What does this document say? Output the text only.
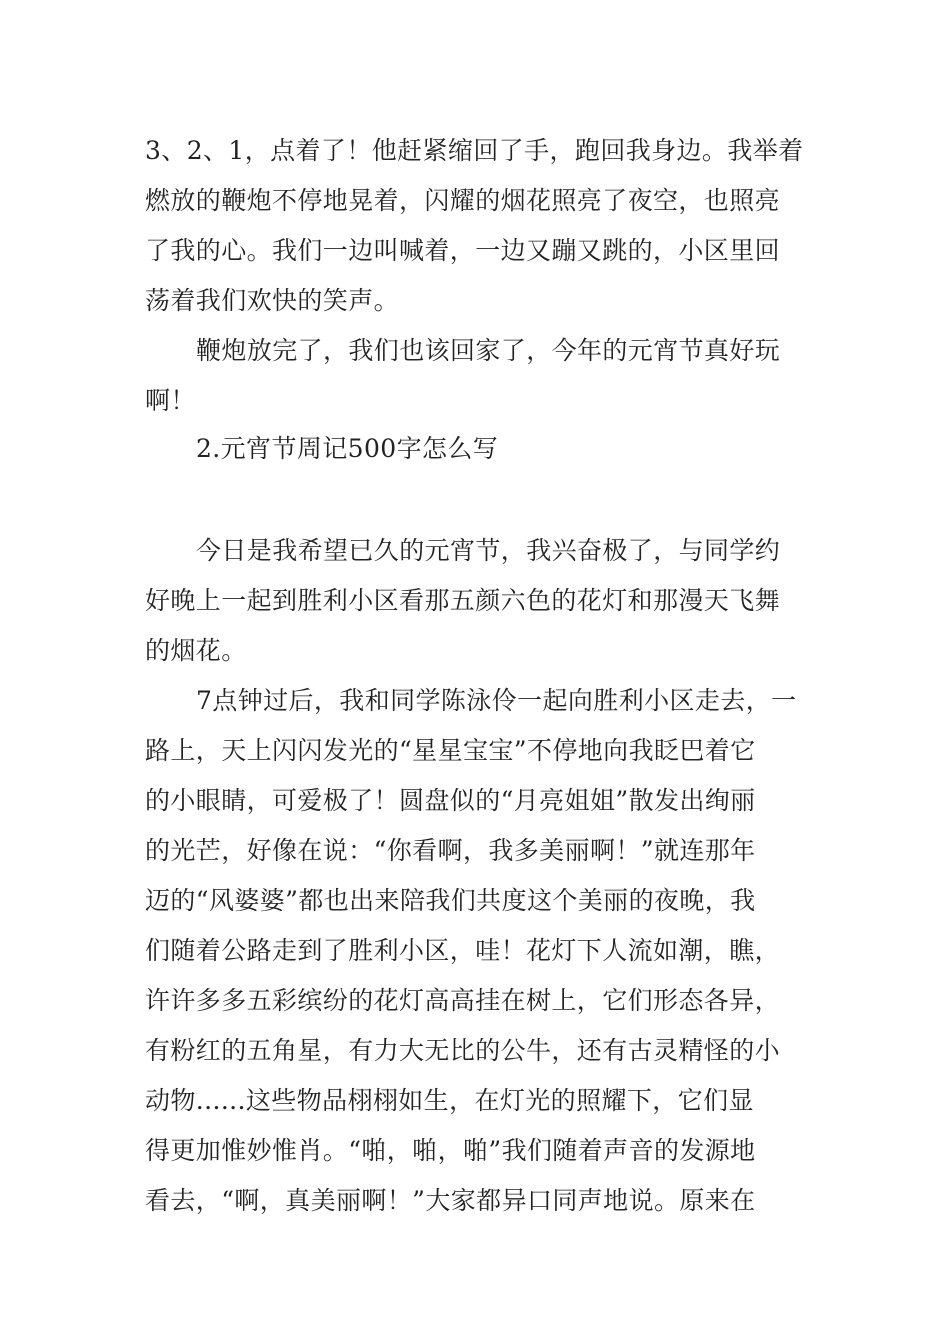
3、2、1，点着了！他赶紧缩回了手，跑回我身边。我举着
燃放的鞭炮不停地晃着，闪耀的烟花照亮了夜空，也照亮
了我的心。我们一边叫喊着，一边又蹦又跳的，小区里回
荡着我们欢快的笑声。
鞭炮放完了，我们也该回家了，今年的元宵节真好玩
啊！
2.元宵节周记500字怎么写
今日是我希望已久的元宵节，我兴奋极了，与同学约
好晚上一起到胜利小区看那五颜六色的花灯和那漫天飞舞
的烟花。
7点钟过后，我和同学陈泳伶一起向胜利小区走去，一
路上，天上闪闪发光的“星星宝宝”不停地向我眨巴着它
的小眼睛，可爱极了！圆盘似的“月亮姐姐”散发出绚丽
的光芒，好像在说：“你看啊，我多美丽啊！”就连那年
迈的“风婆婆”都也出来陪我们共度这个美丽的夜晚，我
们随着公路走到了胜利小区，哇！花灯下人流如潮，瞧，
许许多多五彩缤纷的花灯高高挂在树上，它们形态各异，
有粉红的五角星，有力大无比的公牛，还有古灵精怪的小
动物......这些物品栩栩如生，在灯光的照耀下，它们显
得更加惟妙惟肖。“啪，啪，啪”我们随着声音的发源地
看去，“啊，真美丽啊！”大家都异口同声地说。原来在
